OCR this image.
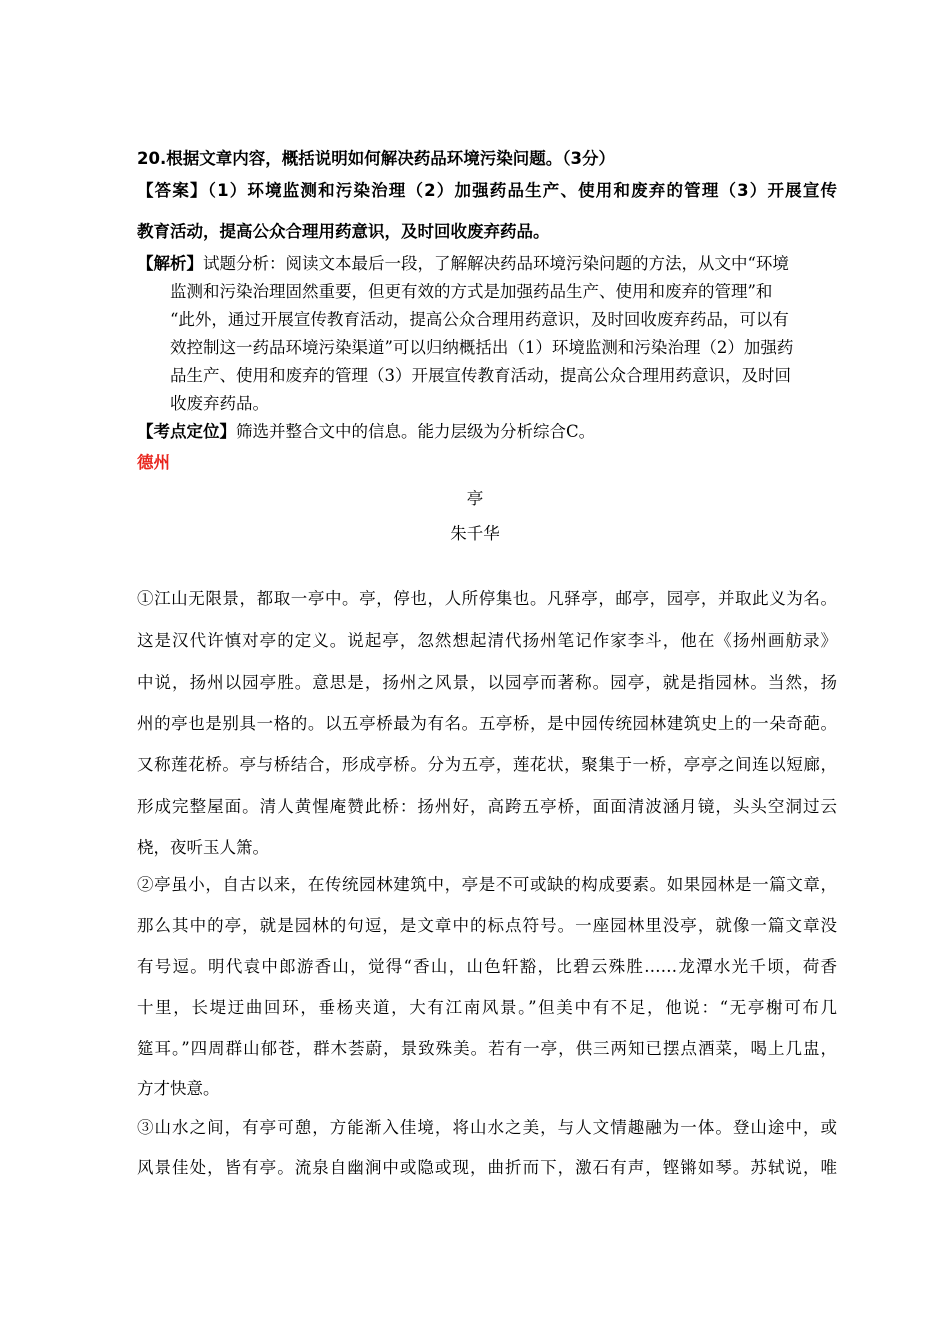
20.根据文章内容，概括说明如何解决药品环境污染问题。（3分）
【答案】（1）环境监测和污染治理（2）加强药品生产、使用和废弃的管理（3）开展宣传
教育活动，提高公众合理用药意识，及时回收废弃药品。
【解析】试题分析：阅读文本最后一段，了解解决药品环境污染问题的方法，从文中“环境
监测和污染治理固然重要，但更有效的方式是加强药品生产、使用和废弃的管理”和
“此外，通过开展宣传教育活动，提高公众合理用药意识，及时回收废弃药品，可以有
效控制这一药品环境污染渠道”可以归纳概括出（1）环境监测和污染治理（2）加强药
品生产、使用和废弃的管理（3）开展宣传教育活动，提高公众合理用药意识，及时回
收废弃药品。
【考点定位】筛选并整合文中的信息。能力层级为分析综合C。
德州
亭
朱千华
①江山无限景，都取一亭中。亭，停也，人所停集也。凡驿亭，邮亭，园亭，并取此义为名。
这是汉代许慎对亭的定义。说起亭，忽然想起清代扬州笔记作家李斗，他在《扬州画舫录》
中说，扬州以园亭胜。意思是，扬州之风景，以园亭而著称。园亭，就是指园林。当然，扬
州的亭也是别具一格的。以五亭桥最为有名。五亭桥，是中园传统园林建筑史上的一朵奇葩。
又称莲花桥。亭与桥结合，形成亭桥。分为五亭，莲花状，聚集于一桥，亭亭之间连以短廊，
形成完整屋面。清人黄惺庵赞此桥：扬州好，高跨五亭桥，面面清波涵月镜，头头空洞过云
桡，夜听玉人箫。
②亭虽小，自古以来，在传统园林建筑中，亭是不可或缺的构成要素。如果园林是一篇文章，
那么其中的亭，就是园林的句逗，是文章中的标点符号。一座园林里没亭，就像一篇文章没
有号逗。明代袁中郎游香山，觉得“香山，山色轩豁，比碧云殊胜……龙潭水光千顷，荷香
十里，长堤迂曲回环，垂杨夹道，大有江南风景。”但美中有不足，他说：“无亭榭可布几
筵耳。”四周群山郁苍，群木荟蔚，景致殊美。若有一亭，供三两知已摆点酒菜，喝上几盅，
方才快意。
③山水之间，有亭可憩，方能渐入佳境，将山水之美，与人文情趣融为一体。登山途中，或
风景佳处，皆有亭。流泉自幽涧中或隐或现，曲折而下，激石有声，铿锵如琴。苏轼说，唯
